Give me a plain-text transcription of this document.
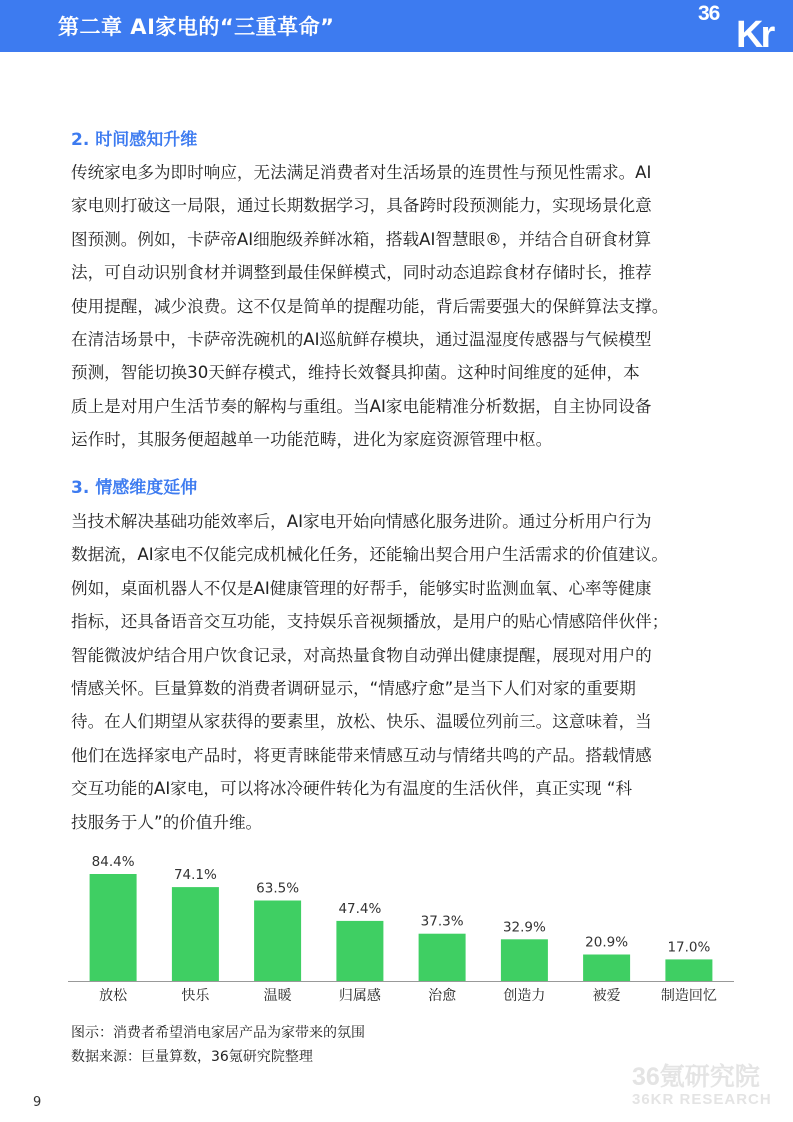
第二章 AI家电的“三重革命”
36
Kr
2. 时间感知升维
传统家电多为即时响应，无法满足消费者对生活场景的连贯性与预见性需求。AI
家电则打破这一局限，通过长期数据学习，具备跨时段预测能力，实现场景化意
图预测。例如，卡萨帝AI细胞级养鲜冰箱，搭载AI智慧眼®，并结合自研食材算
法，可自动识别食材并调整到最佳保鲜模式，同时动态追踪食材存储时长，推荐
使用提醒，减少浪费。这不仅是简单的提醒功能，背后需要强大的保鲜算法支撑。
在清洁场景中，卡萨帝洗碗机的AI巡航鲜存模块，通过温湿度传感器与气候模型
预测，智能切换30天鲜存模式，维持长效餐具抑菌。这种时间维度的延伸，本
质上是对用户生活节奏的解构与重组。当AI家电能精准分析数据，自主协同设备
运作时，其服务便超越单一功能范畴，进化为家庭资源管理中枢。
3. 情感维度延伸
当技术解决基础功能效率后，AI家电开始向情感化服务进阶。通过分析用户行为
数据流，AI家电不仅能完成机械化任务，还能输出契合用户生活需求的价值建议。
例如，桌面机器人不仅是AI健康管理的好帮手，能够实时监测血氧、心率等健康
指标，还具备语音交互功能，支持娱乐音视频播放，是用户的贴心情感陪伴伙伴；
智能微波炉结合用户饮食记录，对高热量食物自动弹出健康提醒，展现对用户的
情感关怀。巨量算数的消费者调研显示，“情感疗愈”是当下人们对家的重要期
待。在人们期望从家获得的要素里，放松、快乐、温暖位列前三。这意味着，当
他们在选择家电产品时，将更青睐能带来情感互动与情绪共鸣的产品。搭载情感
交互功能的AI家电，可以将冰冷硬件转化为有温度的生活伙伴，真正实现 “科
技服务于人”的价值升维。
84.4%
放松
74.1%
快乐
63.5%
温暖
47.4%
归属感
37.3%
治愈
32.9%
创造力
20.9%
被爱
17.0%
制造回忆
图示：消费者希望消电家居产品为家带来的氛围
数据来源：巨量算数，36氪研究院整理
9
36氪研究院
36KR RESEARCH
